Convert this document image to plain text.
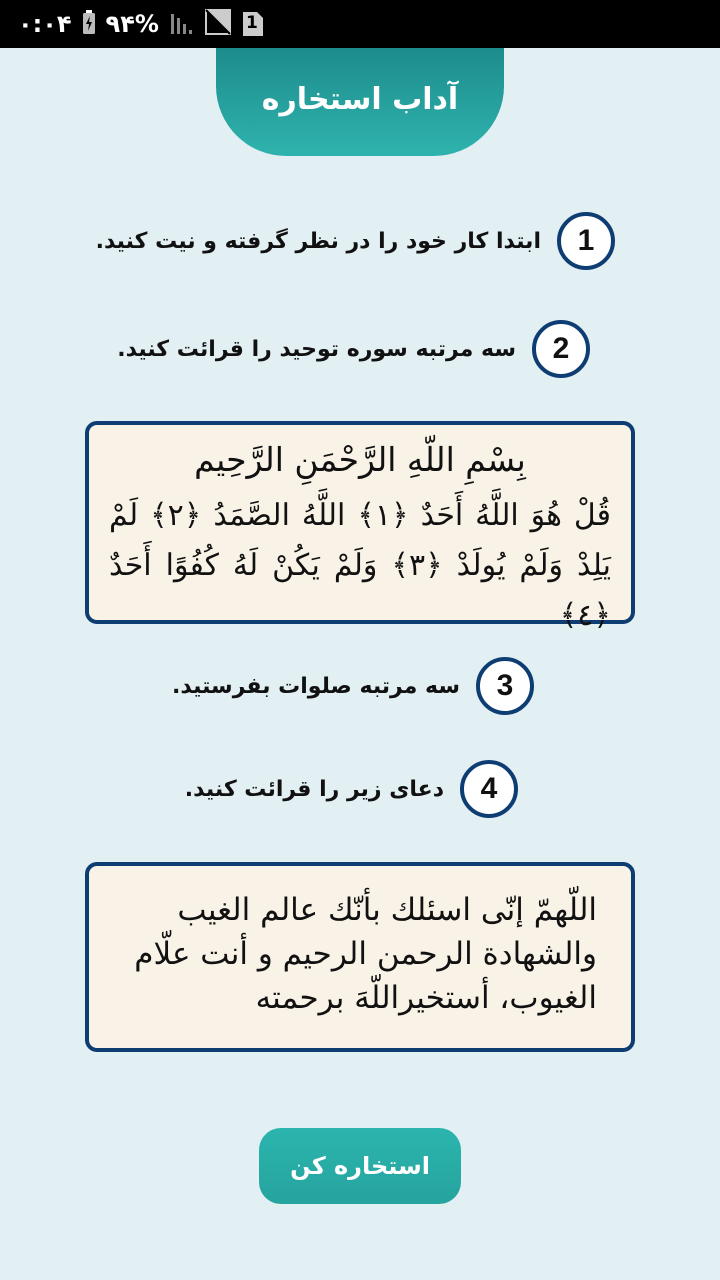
۰:۰۴ ۹۴%	1
آداب استخاره
1
ابتدا کار خود را در نظر گرفته و نیت کنید.
2
سه مرتبه سوره توحید را قرائت کنید.
بِسْمِ اللّهِ الرَّحْمَنِ الرَّحِيم
قُلْ هُوَ اللَّهُ أَحَدٌ ﴿١﴾ اللَّهُ الصَّمَدُ ﴿٢﴾ لَمْ يَلِدْ وَلَمْ يُولَدْ ﴿٣﴾ وَلَمْ يَكُنْ لَهُ كُفُوًا أَحَدٌ ﴿٤﴾
3
سه مرتبه صلوات بفرستید.
4
دعای زیر را قرائت کنید.
اللّهمّ إنّی اسئلك بأنّك عالم الغيب والشهادة الرحمن الرحيم و أنت علّام الغيوب، أستخيراللّهَ برحمته
استخاره کن
